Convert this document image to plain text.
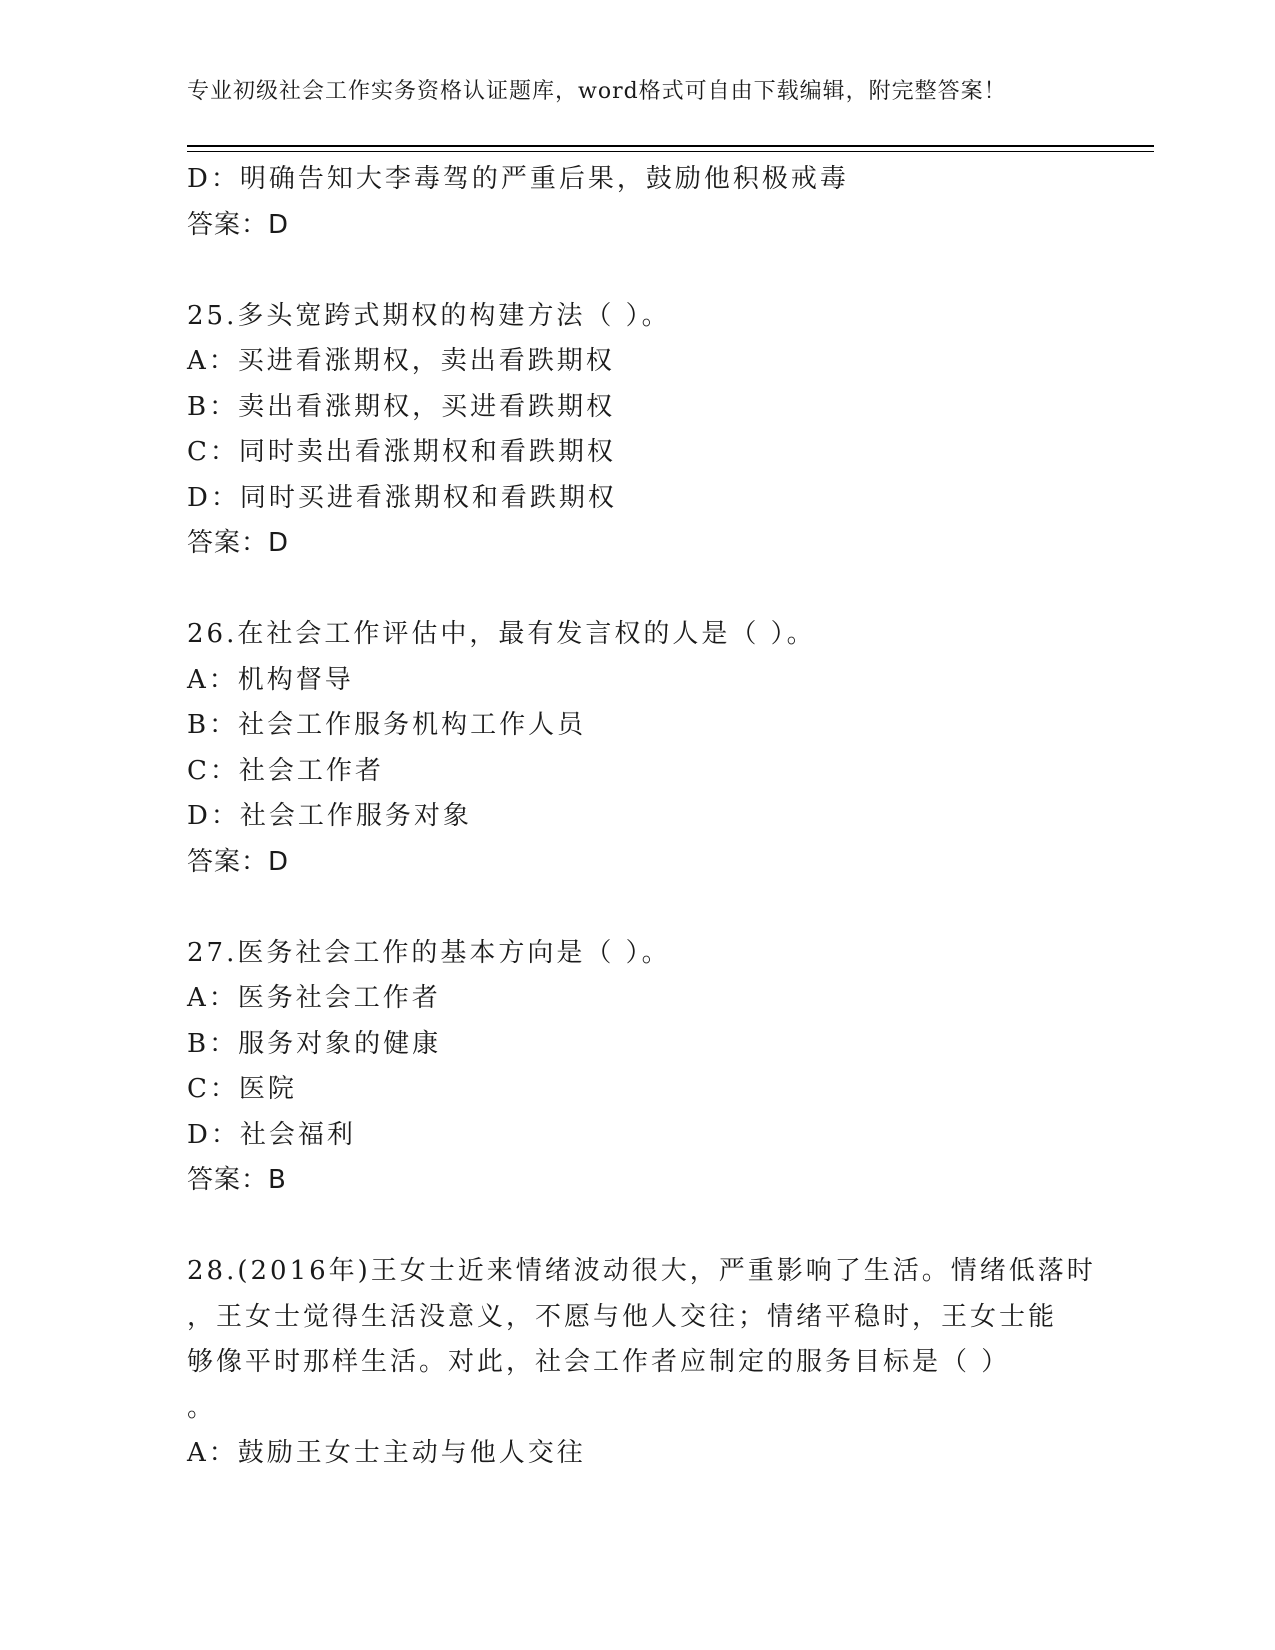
专业初级社会工作实务资格认证题库，word格式可自由下载编辑，附完整答案！
D：明确告知大李毒驾的严重后果，鼓励他积极戒毒
答案：D
25.多头宽跨式期权的构建方法（ ）。
A：买进看涨期权，卖出看跌期权
B：卖出看涨期权，买进看跌期权
C：同时卖出看涨期权和看跌期权
D：同时买进看涨期权和看跌期权
答案：D
26.在社会工作评估中，最有发言权的人是（ ）。
A：机构督导
B：社会工作服务机构工作人员
C：社会工作者
D：社会工作服务对象
答案：D
27.医务社会工作的基本方向是（ ）。
A：医务社会工作者
B：服务对象的健康
C：医院
D：社会福利
答案：B
28.(2016年)王女士近来情绪波动很大，严重影响了生活。情绪低落时
，王女士觉得生活没意义，不愿与他人交往；情绪平稳时，王女士能
够像平时那样生活。对此，社会工作者应制定的服务目标是（ ）
。
A：鼓励王女士主动与他人交往
